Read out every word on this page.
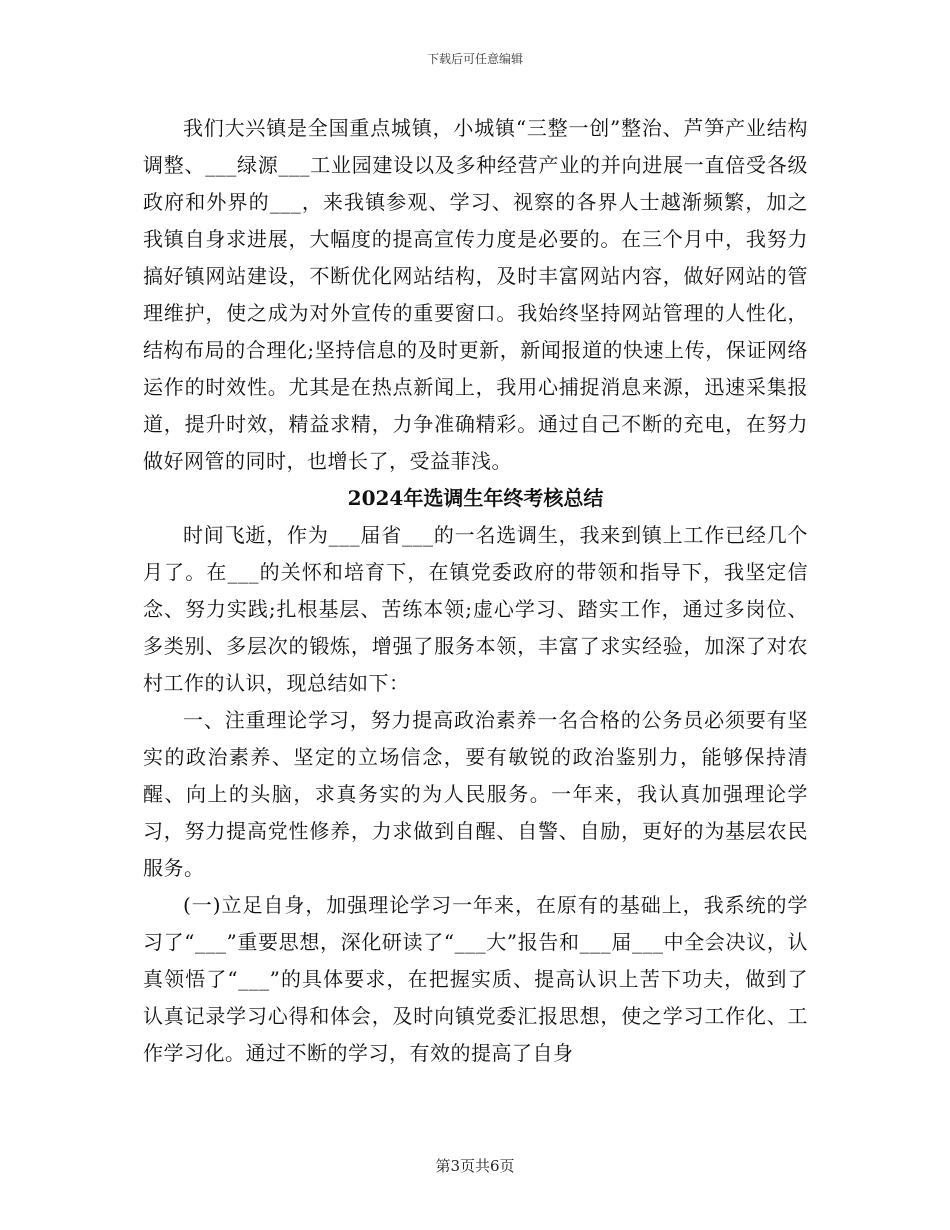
下载后可任意编辑

我们大兴镇是全国重点城镇，小城镇“三整一创”整治、芦笋产业结构调整、___绿源___工业园建设以及多种经营产业的并向进展一直倍受各级政府和外界的___，来我镇参观、学习、视察的各界人士越渐频繁，加之我镇自身求进展，大幅度的提高宣传力度是必要的。在三个月中，我努力搞好镇网站建设，不断优化网站结构，及时丰富网站内容，做好网站的管理维护，使之成为对外宣传的重要窗口。我始终坚持网站管理的人性化，结构布局的合理化;坚持信息的及时更新，新闻报道的快速上传，保证网络运作的时效性。尤其是在热点新闻上，我用心捕捉消息来源，迅速采集报道，提升时效，精益求精，力争准确精彩。通过自己不断的充电，在努力做好网管的同时，也增长了，受益菲浅。

2024年选调生年终考核总结

时间飞逝，作为___届省___的一名选调生，我来到镇上工作已经几个月了。在___的关怀和培育下，在镇党委政府的带领和指导下，我坚定信念、努力实践;扎根基层、苦练本领;虚心学习、踏实工作，通过多岗位、多类别、多层次的锻炼，增强了服务本领，丰富了求实经验，加深了对农村工作的认识，现总结如下：

一、注重理论学习，努力提高政治素养一名合格的公务员必须要有坚实的政治素养、坚定的立场信念，要有敏锐的政治鉴别力，能够保持清醒、向上的头脑，求真务实的为人民服务。一年来，我认真加强理论学习，努力提高党性修养，力求做到自醒、自警、自励，更好的为基层农民服务。

(一)立足自身，加强理论学习一年来，在原有的基础上，我系统的学习了“___”重要思想，深化研读了“___大”报告和___届___中全会决议，认真领悟了“___”的具体要求，在把握实质、提高认识上苦下功夫，做到了认真记录学习心得和体会，及时向镇党委汇报思想，使之学习工作化、工作学习化。通过不断的学习，有效的提高了自身

第3页共6页
